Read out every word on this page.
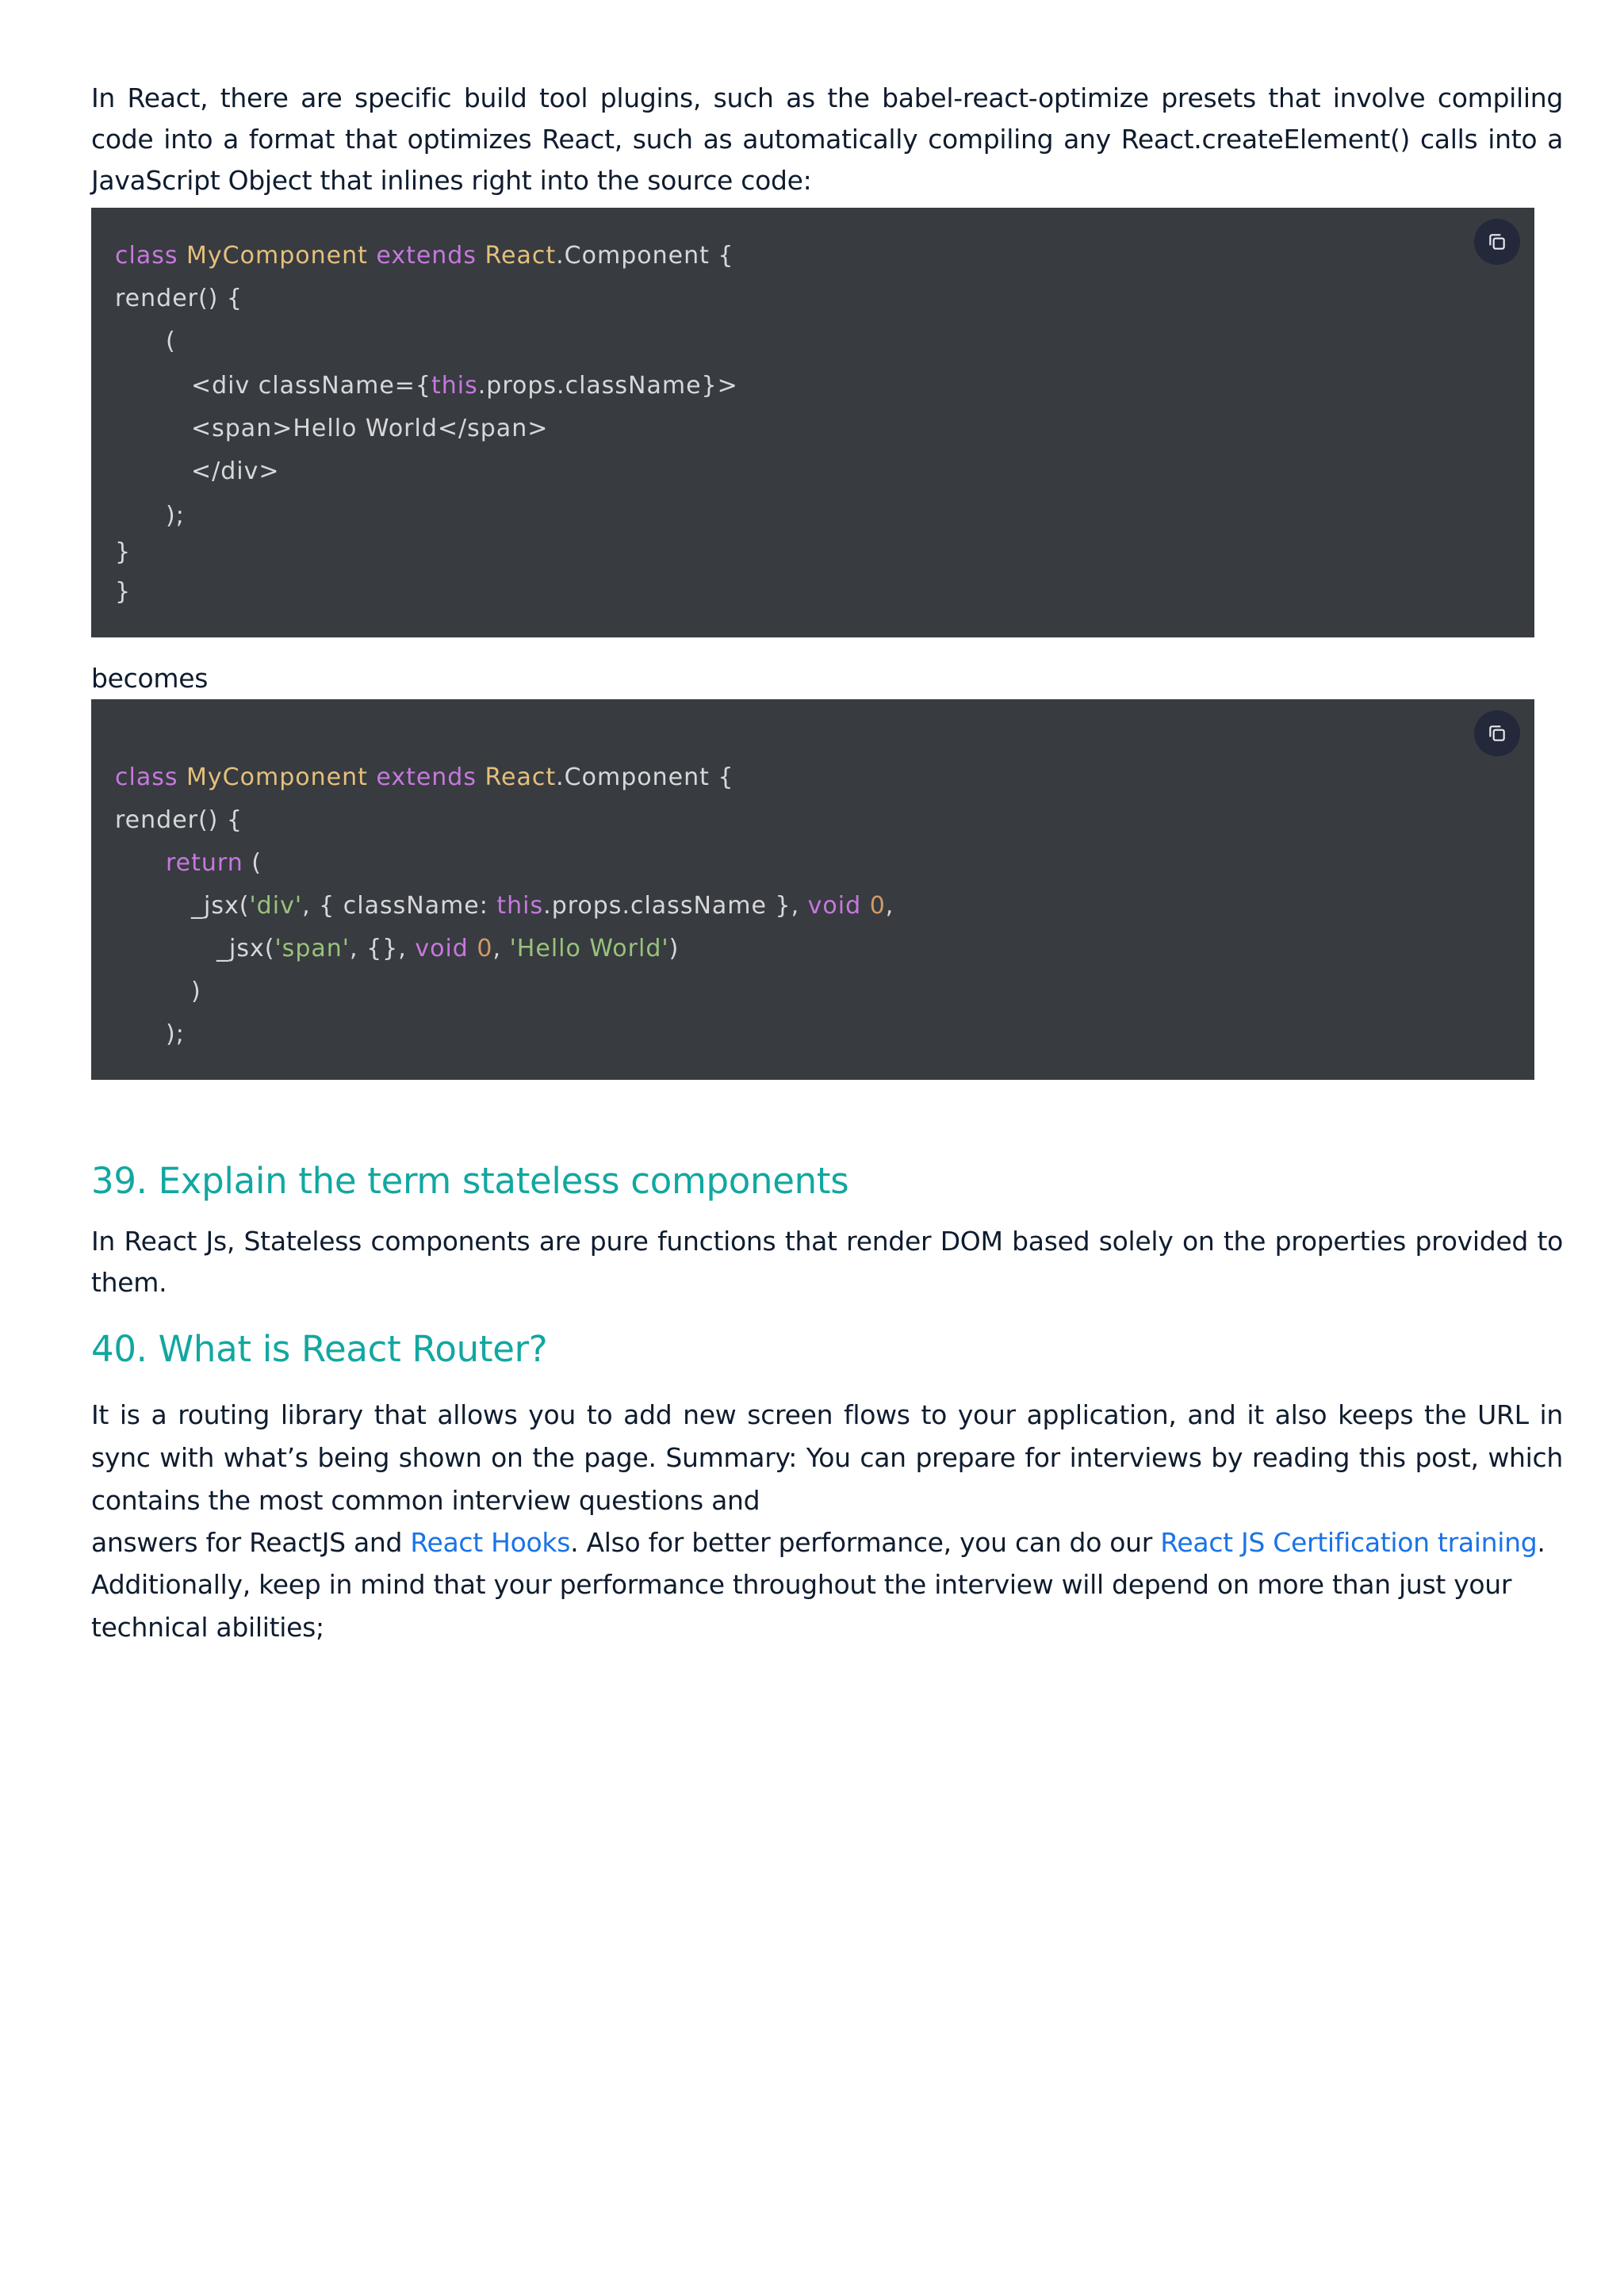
In React, there are specific build tool plugins, such as the babel-react-optimize presets that involve compiling code into a format that optimizes React, such as automatically compiling any React.createElement() calls into a JavaScript Object that inlines right into the source code:

class MyComponent extends React.Component {
render() {
(
<div className={this.props.className}>
<span>Hello World</span>
</div>
);
}
}

becomes

class MyComponent extends React.Component {
render() {
return (
_jsx('div', { className: this.props.className }, void 0,
_jsx('span', {}, void 0, 'Hello World')
)
);
39. Explain the term stateless components

In React Js, Stateless components are pure functions that render DOM based solely on the properties provided to them.

40. What is React Router?

It is a routing library that allows you to add new screen flows to your application, and it also keeps the URL in sync with what’s being shown on the page. Summary: You can prepare for interviews by reading this post, which contains the most common interview questions and

answers for ReactJS and React Hooks. Also for better performance, you can do our React JS Certification training.

Additionally, keep in mind that your performance throughout the interview will depend on more than just your technical abilities;
